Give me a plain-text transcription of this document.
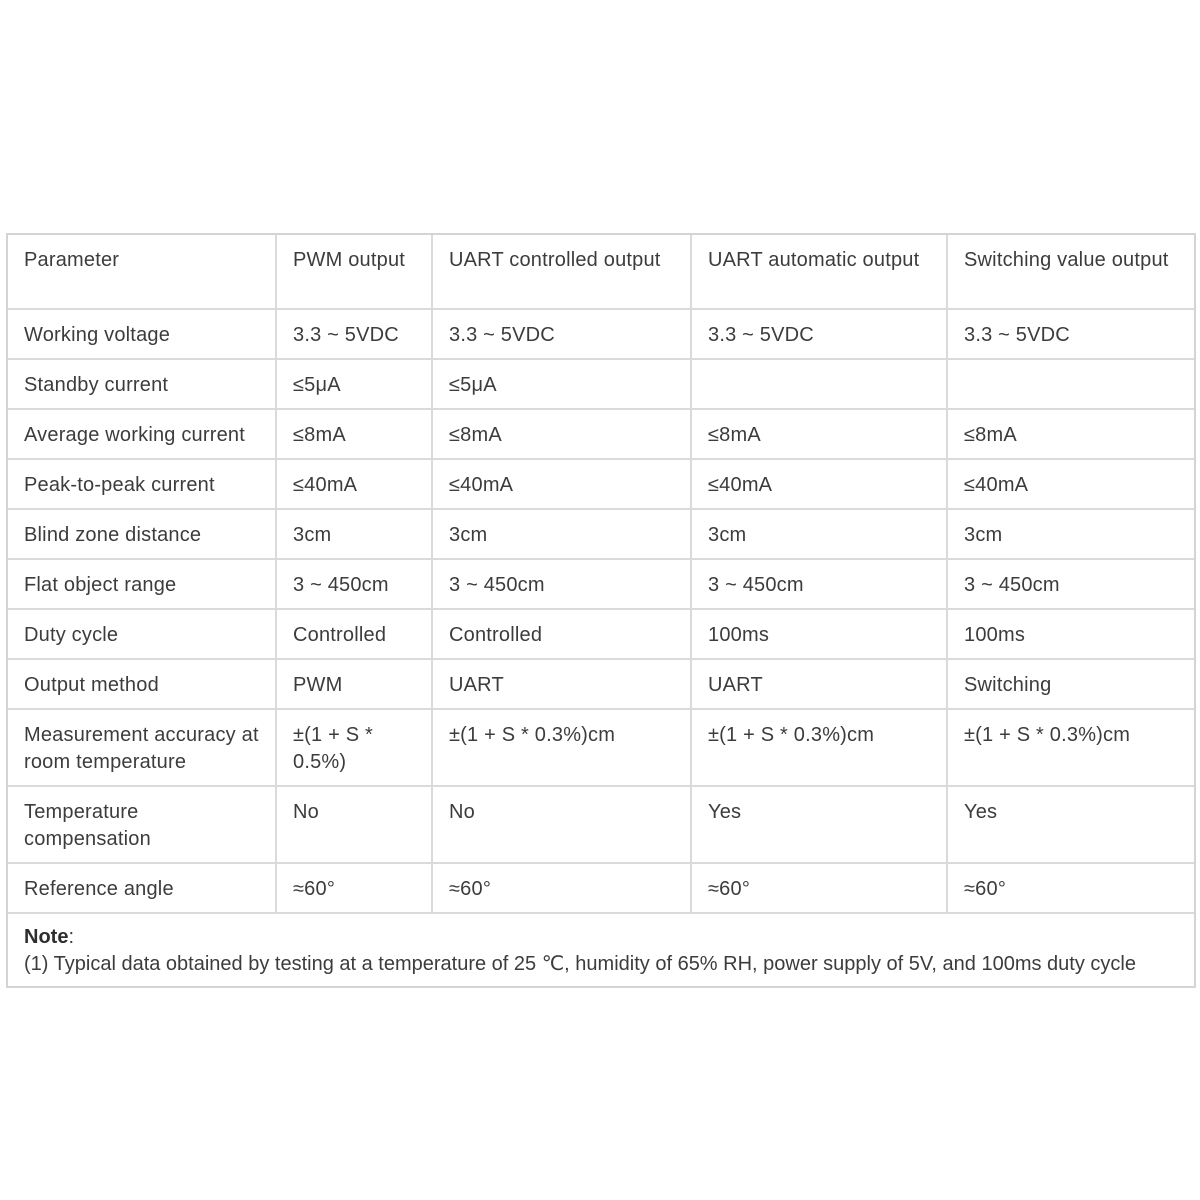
Parameter	PWM output	UART controlled output	UART automatic output	Switching value output
Working voltage	3.3 ~ 5VDC	3.3 ~ 5VDC	3.3 ~ 5VDC	3.3 ~ 5VDC
Standby current	≤5μA	≤5μA		
Average working current	≤8mA	≤8mA	≤8mA	≤8mA
Peak-to-peak current	≤40mA	≤40mA	≤40mA	≤40mA
Blind zone distance	3cm	3cm	3cm	3cm
Flat object range	3 ~ 450cm	3 ~ 450cm	3 ~ 450cm	3 ~ 450cm
Duty cycle	Controlled	Controlled	100ms	100ms
Output method	PWM	UART	UART	Switching
Measurement accuracy at room temperature	±(1 + S * 0.5%)	±(1 + S * 0.3%)cm	±(1 + S * 0.3%)cm	±(1 + S * 0.3%)cm
Temperature compensation	No	No	Yes	Yes
Reference angle	≈60°	≈60°	≈60°	≈60°
Note:
(1) Typical data obtained by testing at a temperature of 25 ℃, humidity of 65% RH, power supply of 5V, and 100ms duty cycle
